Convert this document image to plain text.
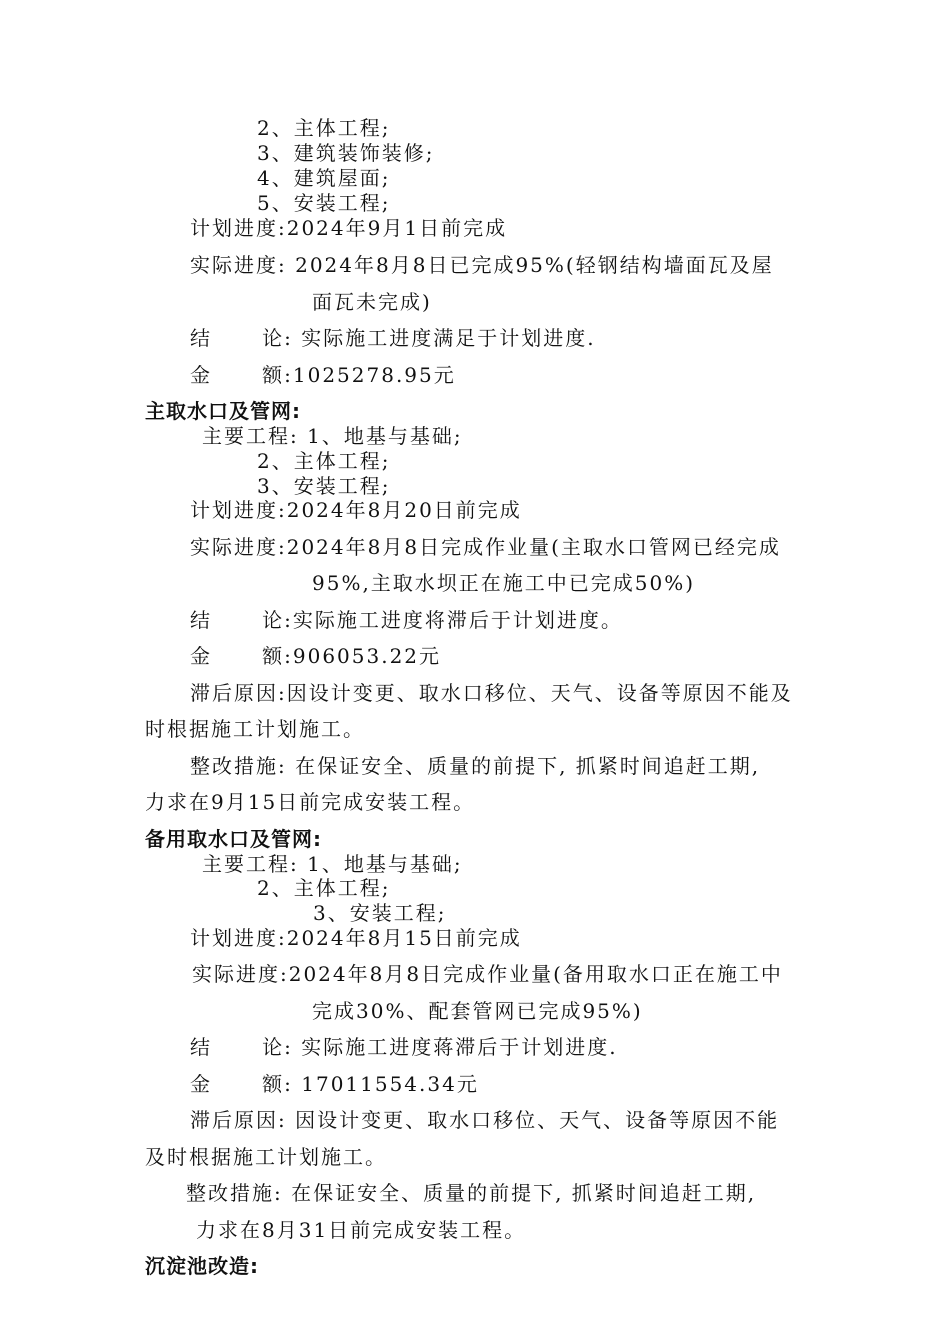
2、主体工程;
3、建筑装饰装修;
4、建筑屋面;
5、安装工程;
计划进度:2024年9月1日前完成
实际进度: 2024年8月8日已完成95%(轻钢结构墙面瓦及屋
面瓦未完成)
结      论: 实际施工进度满足于计划进度.
金      额:1025278.95元
主取水口及管网:
主要工程: 1、地基与基础;
2、主体工程;
3、安装工程;
计划进度:2024年8月20日前完成
实际进度:2024年8月8日完成作业量(主取水口管网已经完成
95%,主取水坝正在施工中已完成50%)
结      论:实际施工进度将滞后于计划进度。
金      额:906053.22元
滞后原因:因设计变更、取水口移位、天气、设备等原因不能及
时根据施工计划施工。
整改措施: 在保证安全、质量的前提下, 抓紧时间追赶工期,
力求在9月15日前完成安装工程。
备用取水口及管网:
主要工程: 1、地基与基础;
2、主体工程;
3、安装工程;
计划进度:2024年8月15日前完成
实际进度:2024年8月8日完成作业量(备用取水口正在施工中
完成30%、配套管网已完成95%)
结      论: 实际施工进度蒋滞后于计划进度.
金      额: 17011554.34元
滞后原因: 因设计变更、取水口移位、天气、设备等原因不能
及时根据施工计划施工。
整改措施: 在保证安全、质量的前提下, 抓紧时间追赶工期,
力求在8月31日前完成安装工程。
沉淀池改造:
